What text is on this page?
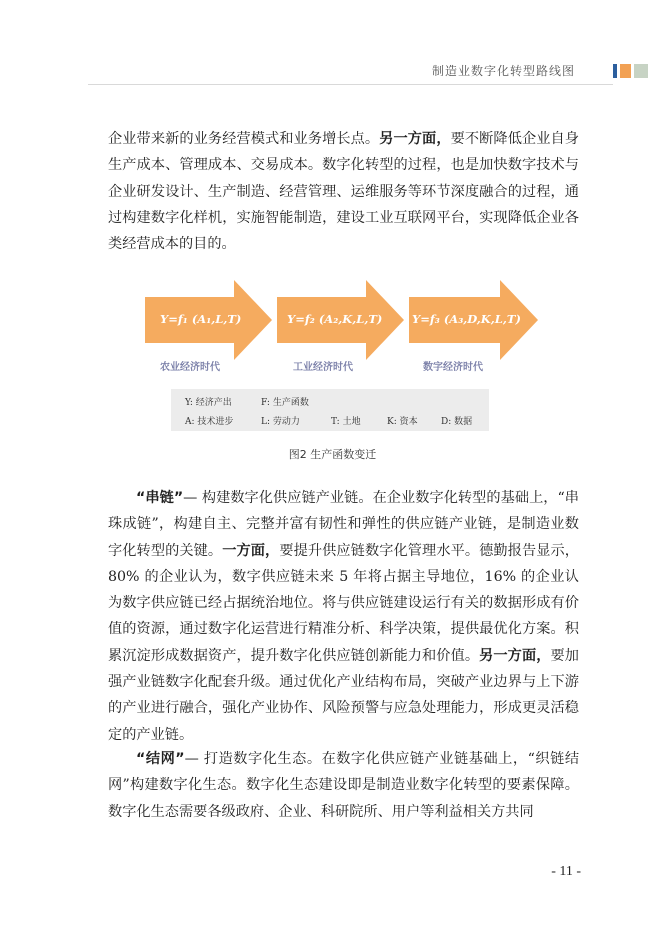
制造业数字化转型路线图

企业带来新的业务经营模式和业务增长点。另一方面，要不断降低企业自身生产成本、管理成本、交易成本。数字化转型的过程，也是加快数字技术与企业研发设计、生产制造、经营管理、运维服务等环节深度融合的过程，通过构建数字化样机，实施智能制造，建设工业互联网平台，实现降低企业各类经营成本的目的。

Y=f₁ (A₁,L,T)	Y=f₂ (A₂,K,L,T)	Y=f₃ (A₃,D,K,L,T)
农业经济时代	工业经济时代	数字经济时代
Y: 经济产出	F: 生产函数
A: 技术进步	L: 劳动力	T: 土地	K: 资本	D: 数据
图2 生产函数变迁

“串链”— 构建数字化供应链产业链。在企业数字化转型的基础上，“串珠成链”，构建自主、完整并富有韧性和弹性的供应链产业链，是制造业数字化转型的关键。一方面，要提升供应链数字化管理水平。德勤报告显示，80% 的企业认为，数字供应链未来 5 年将占据主导地位，16% 的企业认为数字供应链已经占据统治地位。将与供应链建设运行有关的数据形成有价值的资源，通过数字化运营进行精准分析、科学决策，提供最优化方案。积累沉淀形成数据资产，提升数字化供应链创新能力和价值。另一方面，要加强产业链数字化配套升级。通过优化产业结构布局，突破产业边界与上下游的产业进行融合，强化产业协作、风险预警与应急处理能力，形成更灵活稳定的产业链。

“结网”— 打造数字化生态。在数字化供应链产业链基础上，“织链结网”构建数字化生态。数字化生态建设即是制造业数字化转型的要素保障。数字化生态需要各级政府、企业、科研院所、用户等利益相关方共同

- 11 -
